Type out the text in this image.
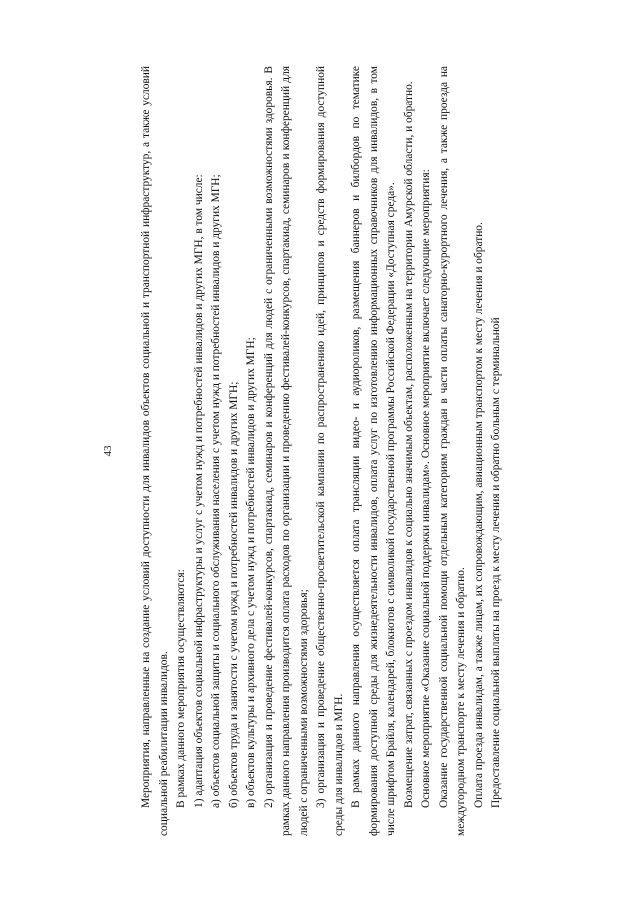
43 Мероприятия, направленные на создание условий доступности для инвалидов объектов социальной и транспортной инфраструктур, а также условий социальной реабилитации инвалидов. В рамках данного мероприятия осуществляются: 1) адаптация объектов социальной инфраструктуры и услуг с учетом нужд и потребностей инвалидов и других МГН, в том числе: а) объектов социальной защиты и социального обслуживания населения с учетом нужд и потребностей инвалидов и других МГН; б) объектов труда и занятости с учетом нужд и потребностей инвалидов и других МГН; в) объектов культуры и архивного дела с учетом нужд и потребностей инвалидов и других МГН; 2) организация и проведение фестивалей-конкурсов, спартакиад, семинаров и конференций для людей с ограниченными возможностями здоровья. В рамках данного направления производится оплата расходов по организации и проведению фестивалей-конкурсов, спартакиад, семинаров и конференций для людей с ограниченными возможностями здоровья; 3) организация и проведение общественно-просветительской кампании по распространению идей, принципов и средств формирования доступной среды для инвалидов и МГН. В рамках данного направления осуществляется оплата трансляции видео- и аудиороликов, размещения баннеров и билбордов по тематике формирования доступной среды для жизнедеятельности инвалидов, оплата услуг по изготовлению информационных справочников для инвалидов, в том числе шрифтом Брайля, календарей, блокнотов с символикой государственной программы Российской Федерации «Доступная среда». Возмещение затрат, связанных с проездом инвалидов к социально значимым объектам, расположенным на территории Амурской области, и обратно. Основное мероприятие «Оказание социальной поддержки инвалидам». Основное мероприятие включает следующие мероприятия: Оказание государственной социальной помощи отдельным категориям граждан в части оплаты санаторно-курортного лечения, а также проезда на междугородном транспорте к месту лечения и обратно. Оплата проезда инвалидам, а также лицам, их сопровождающим, авиационным транспортом к месту лечения и обратно. Предоставление социальной выплаты на проезд к месту лечения и обратно больным с терминальной
